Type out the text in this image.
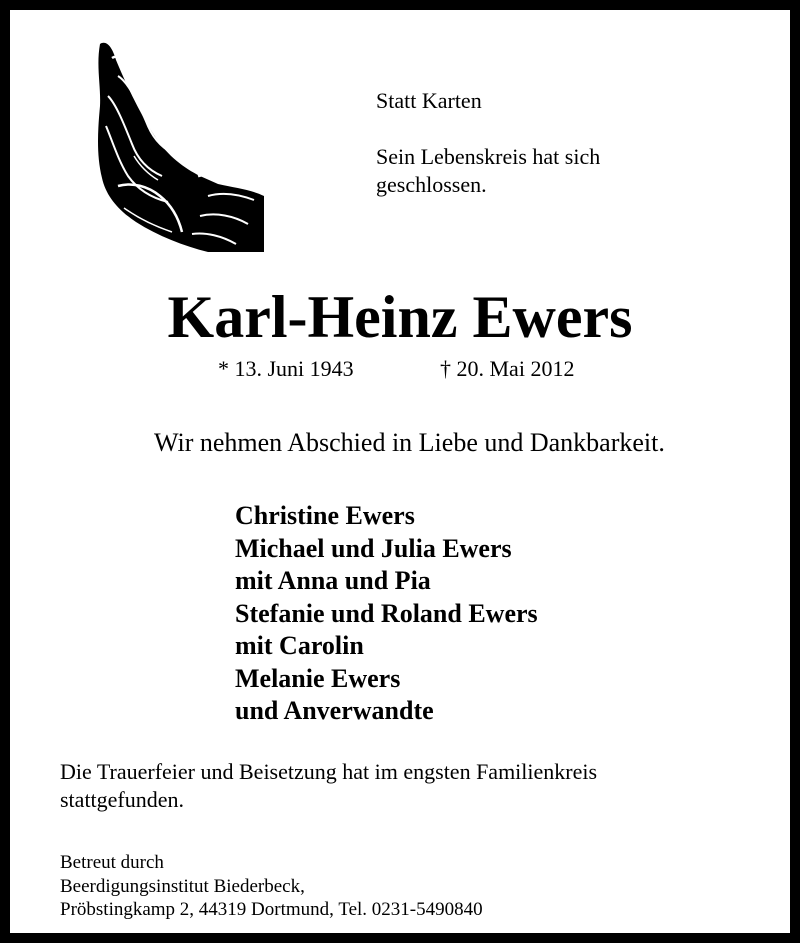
Statt Karten

Sein Lebenskreis hat sich
geschlossen.
Karl-Heinz Ewers
* 13. Juni 1943	† 20. Mai 2012
Wir nehmen Abschied in Liebe und Dankbarkeit.
Christine Ewers
Michael und Julia Ewers
mit Anna und Pia
Stefanie und Roland Ewers
mit Carolin
Melanie Ewers
und Anverwandte
Die Trauerfeier und Beisetzung hat im engsten Familienkreis stattgefunden.
Betreut durch
Beerdigungsinstitut Biederbeck,
Pröbstingkamp 2, 44319 Dortmund, Tel. 0231-5490840
